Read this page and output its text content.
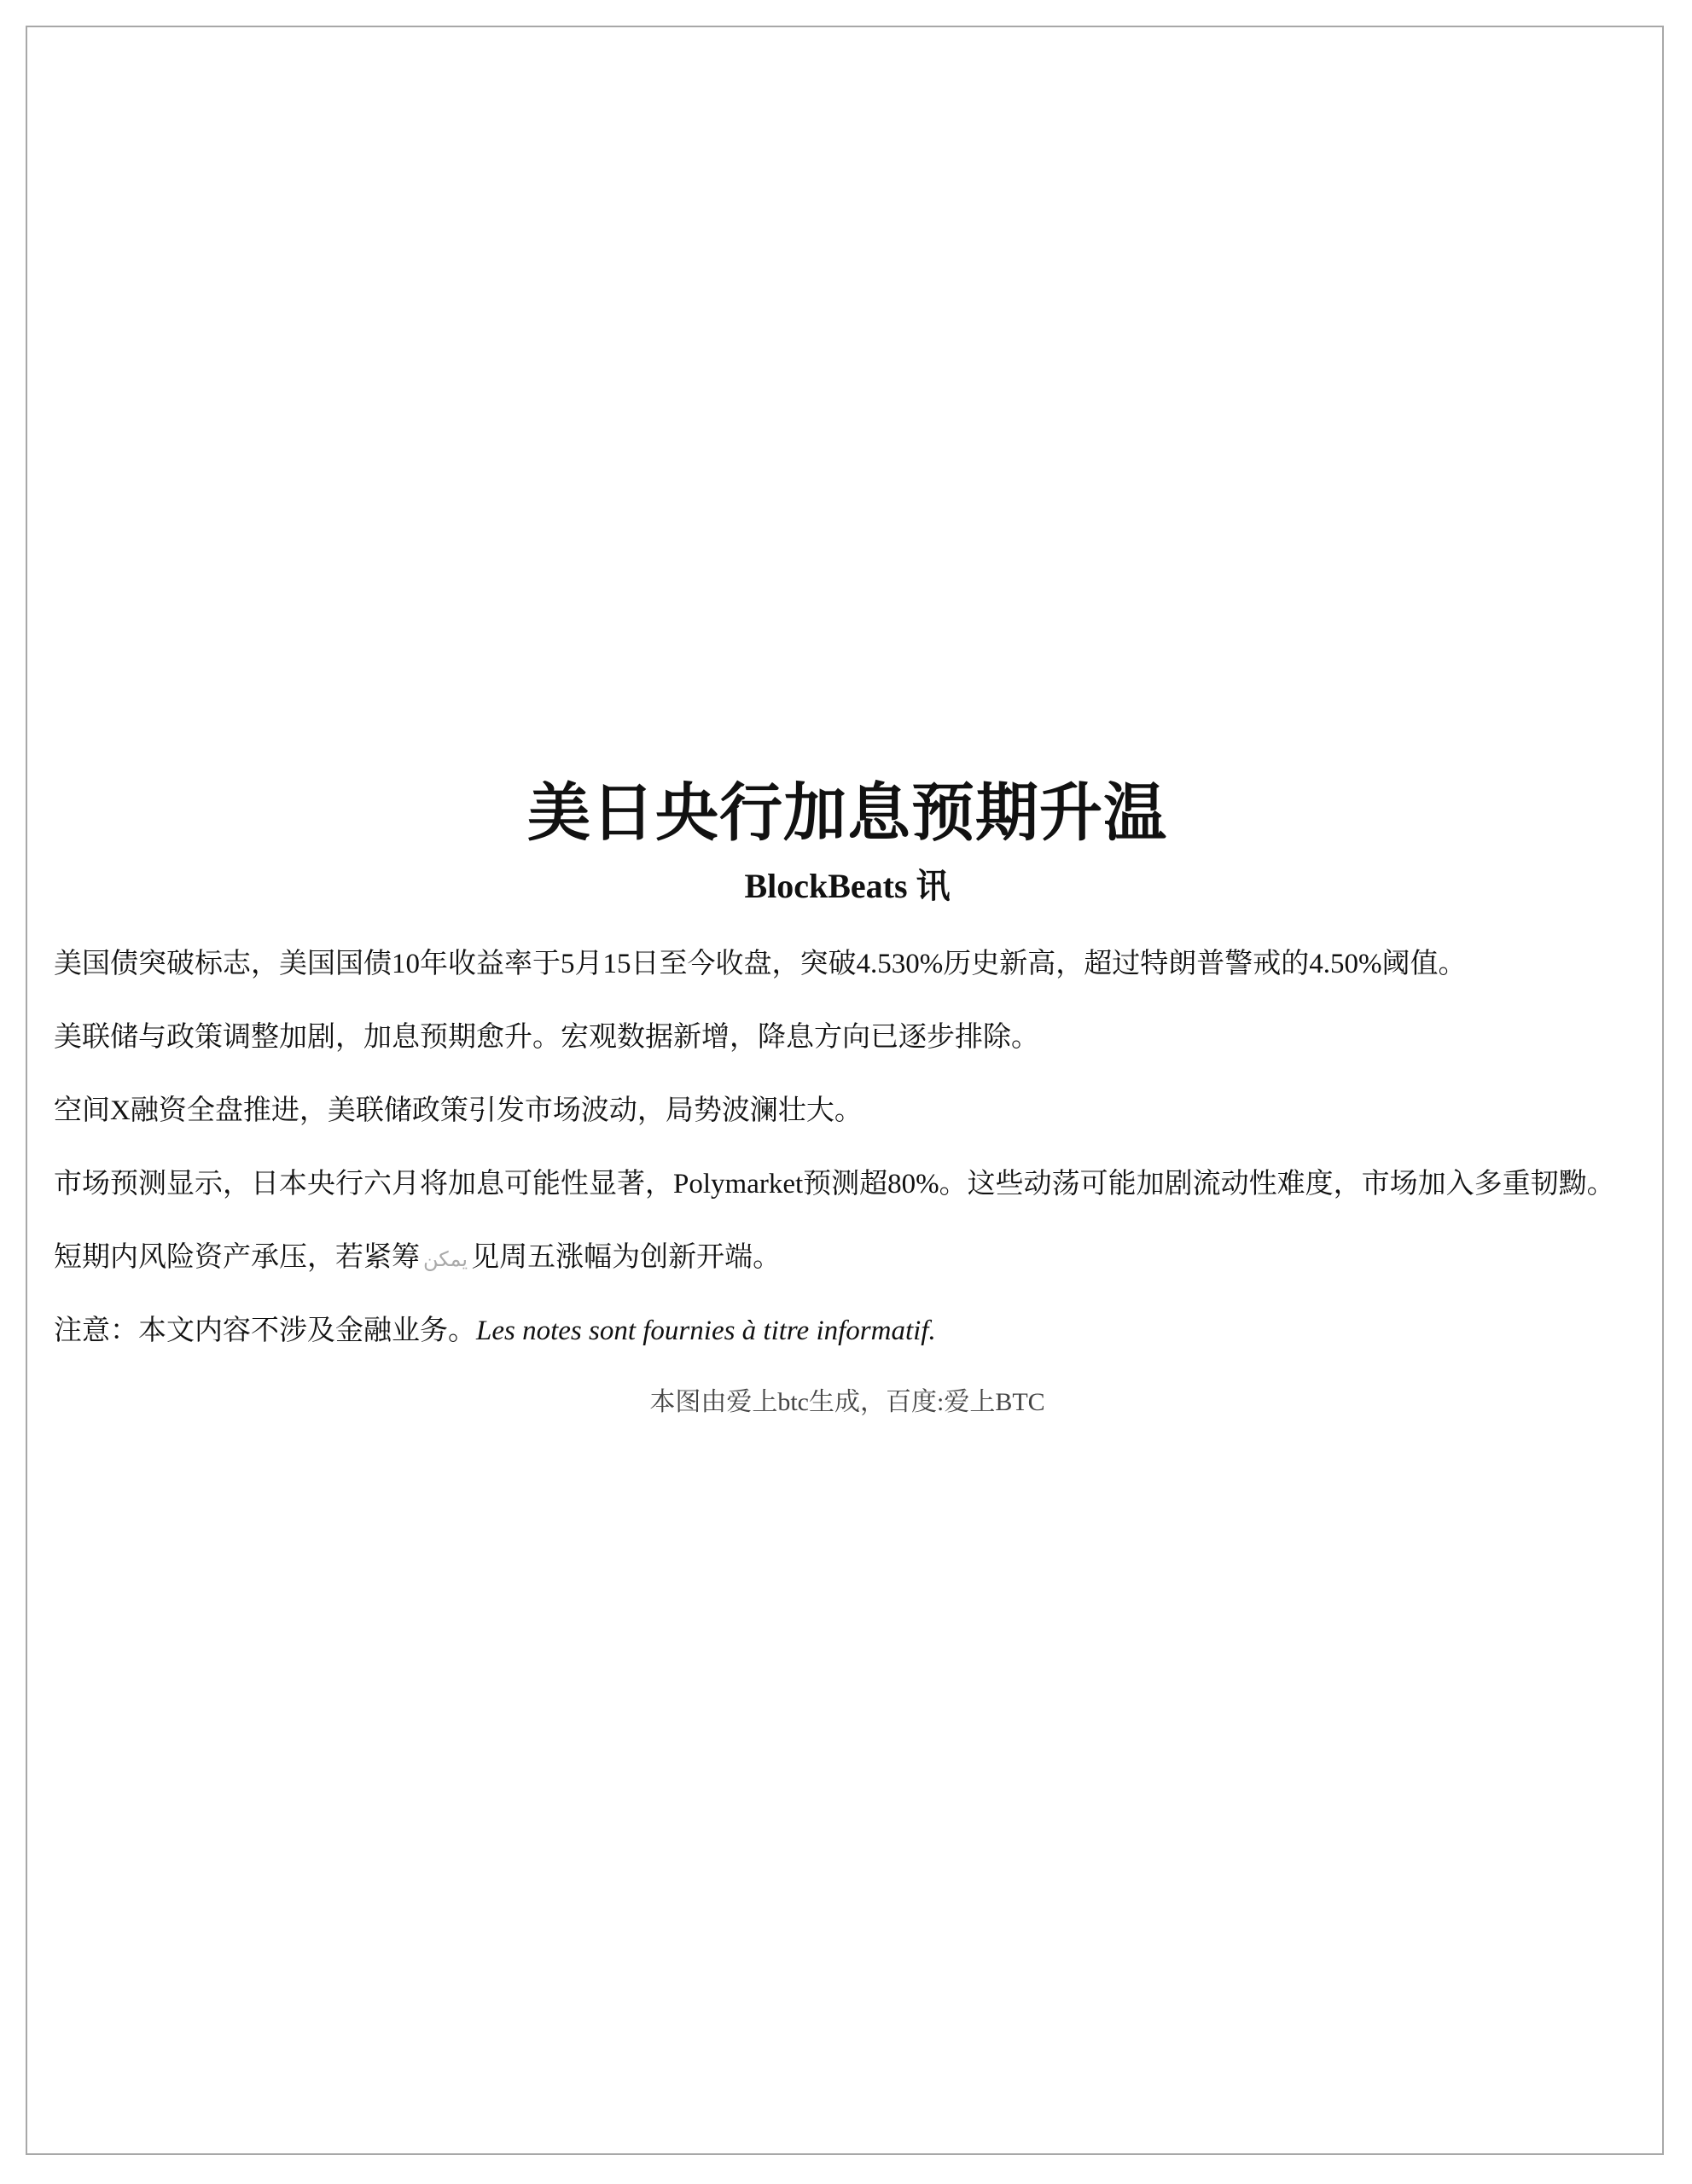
美日央行加息预期升温
BlockBeats 讯

美国债突破标志，美国国债10年收益率于5月15日至今收盘，突破4.530%历史新高，超过特朗普警戒的4.50%阈值。

美联储与政策调整加剧，加息预期愈升。宏观数据新增，降息方向已逐步排除。

空间X融资全盘推进，美联储政策引发市场波动，局势波澜壮大。

市场预测显示，日本央行六月将加息可能性显著，Polymarket预测超80%。这些动荡可能加剧流动性难度，市场加入多重韧黝。

短期内风险资产承压，若紧筹 يمكن 见周五涨幅为创新开端。

注意：本文内容不涉及金融业务。Les notes sont fournies à titre informatif.

本图由爱上btc生成，百度:爱上BTC
